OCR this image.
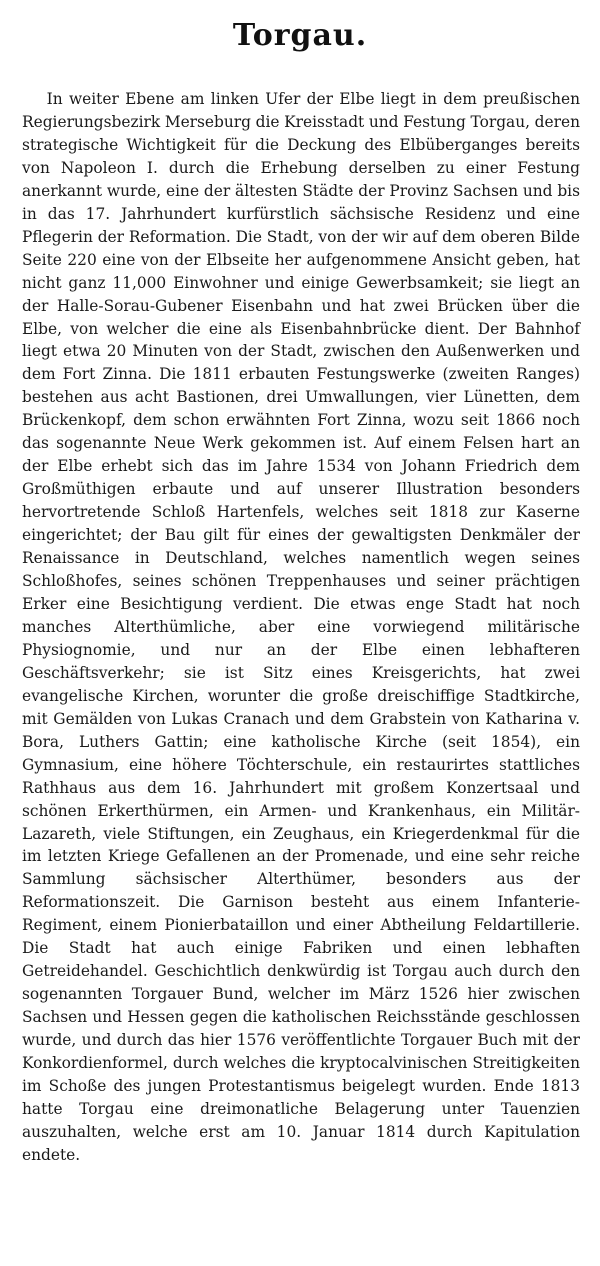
Torgau.
In weiter Ebene am linken Ufer der Elbe liegt in dem preußischen Regierungsbezirk Merseburg die Kreisstadt und Festung Torgau, deren strategische Wichtigkeit für die Deckung des Elbüberganges bereits von Napoleon I. durch die Erhebung derselben zu einer Festung anerkannt wurde, eine der ältesten Städte der Provinz Sachsen und bis in das 17. Jahrhundert kurfürstlich sächsische Residenz und eine Pflegerin der Reformation. Die Stadt, von der wir auf dem oberen Bilde Seite 220 eine von der Elbseite her aufgenommene Ansicht geben, hat nicht ganz 11,000 Einwohner und einige Gewerbsamkeit; sie liegt an der Halle-Sorau-Gubener Eisenbahn und hat zwei Brücken über die Elbe, von welcher die eine als Eisenbahnbrücke dient. Der Bahnhof liegt etwa 20 Minuten von der Stadt, zwischen den Außenwerken und dem Fort Zinna. Die 1811 erbauten Festungswerke (zweiten Ranges) bestehen aus acht Bastionen, drei Umwallungen, vier Lünetten, dem Brückenkopf, dem schon erwähnten Fort Zinna, wozu seit 1866 noch das sogenannte Neue Werk gekommen ist. Auf einem Felsen hart an der Elbe erhebt sich das im Jahre 1534 von Johann Friedrich dem Großmüthigen erbaute und auf unserer Illustration besonders hervortretende Schloß Hartenfels, welches seit 1818 zur Kaserne eingerichtet; der Bau gilt für eines der gewaltigsten Denkmäler der Renaissance in Deutschland, welches namentlich wegen seines Schloßhofes, seines schönen Treppenhauses und seiner prächtigen Erker eine Besichtigung verdient. Die etwas enge Stadt hat noch manches Alterthümliche, aber eine vorwiegend militärische Physiognomie, und nur an der Elbe einen lebhafteren Geschäftsverkehr; sie ist Sitz eines Kreisgerichts, hat zwei evangelische Kirchen, worunter die große dreischiffige Stadtkirche, mit Gemälden von Lukas Cranach und dem Grabstein von Katharina v. Bora, Luthers Gattin; eine katholische Kirche (seit 1854), ein Gymnasium, eine höhere Töchterschule, ein restaurirtes stattliches Rathhaus aus dem 16. Jahrhundert mit großem Konzertsaal und schönen Erkerthürmen, ein Armen- und Krankenhaus, ein Militär-Lazareth, viele Stiftungen, ein Zeughaus, ein Kriegerdenkmal für die im letzten Kriege Gefallenen an der Promenade, und eine sehr reiche Sammlung sächsischer Alterthümer, besonders aus der Reformationszeit. Die Garnison besteht aus einem Infanterie-Regiment, einem Pionierbataillon und einer Abtheilung Feldartillerie. Die Stadt hat auch einige Fabriken und einen lebhaften Getreidehandel. Geschichtlich denkwürdig ist Torgau auch durch den sogenannten Torgauer Bund, welcher im März 1526 hier zwischen Sachsen und Hessen gegen die katholischen Reichsstände geschlossen wurde, und durch das hier 1576 veröffentlichte Torgauer Buch mit der Konkordienformel, durch welches die kryptocalvinischen Streitigkeiten im Schoße des jungen Protestantismus beigelegt wurden. Ende 1813 hatte Torgau eine dreimonatliche Belagerung unter Tauenzien auszuhalten, welche erst am 10. Januar 1814 durch Kapitulation endete.
